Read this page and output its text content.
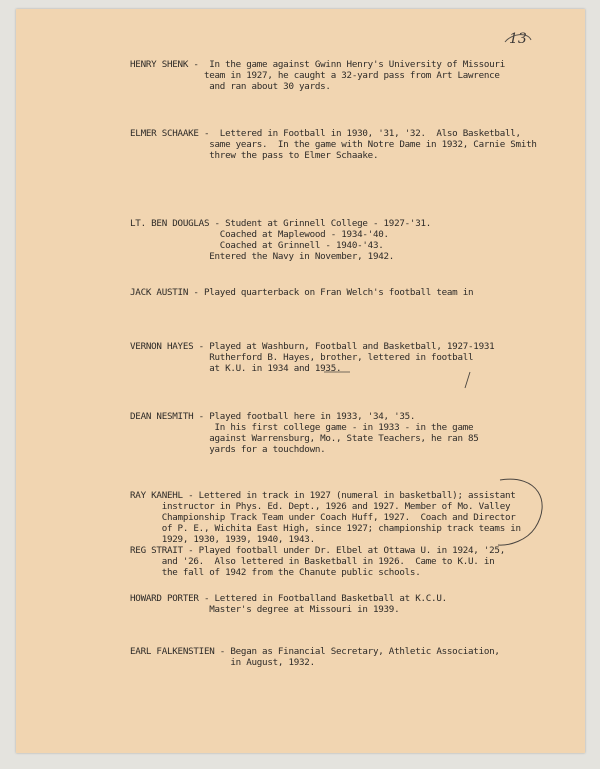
13
HENRY SHENK -  In the game against Gwinn Henry's University of Missouri
team in 1927, he caught a 32-yard pass from Art Lawrence
and ran about 30 yards.
ELMER SCHAAKE -  Lettered in Football in 1930, '31, '32.  Also Basketball,
same years.  In the game with Notre Dame in 1932, Carnie Smith
threw the pass to Elmer Schaake.
LT. BEN DOUGLAS - Student at Grinnell College - 1927-'31.
Coached at Maplewood - 1934-'40.
Coached at Grinnell - 1940-'43.
Entered the Navy in November, 1942.
JACK AUSTIN - Played quarterback on Fran Welch's football team in
VERNON HAYES - Played at Washburn, Football and Basketball, 1927-1931
Rutherford B. Hayes, brother, lettered in football
at K.U. in 1934 and 1935.
DEAN NESMITH - Played football here in 1933, '34, '35.
In his first college game - in 1933 - in the game
against Warrensburg, Mo., State Teachers, he ran 85
yards for a touchdown.
RAY KANEHL - Lettered in track in 1927 (numeral in basketball); assistant
instructor in Phys. Ed. Dept., 1926 and 1927. Member of Mo. Valley
Championship Track Team under Coach Huff, 1927.  Coach and Director
of P. E., Wichita East High, since 1927; championship track teams in
1929, 1930, 1939, 1940, 1943.
REG STRAIT - Played football under Dr. Elbel at Ottawa U. in 1924, '25,
and '26.  Also lettered in Basketball in 1926.  Came to K.U. in
the fall of 1942 from the Chanute public schools.
HOWARD PORTER - Lettered in Footballand Basketball at K.C.U.
Master's degree at Missouri in 1939.
EARL FALKENSTIEN - Began as Financial Secretary, Athletic Association,
in August, 1932.
